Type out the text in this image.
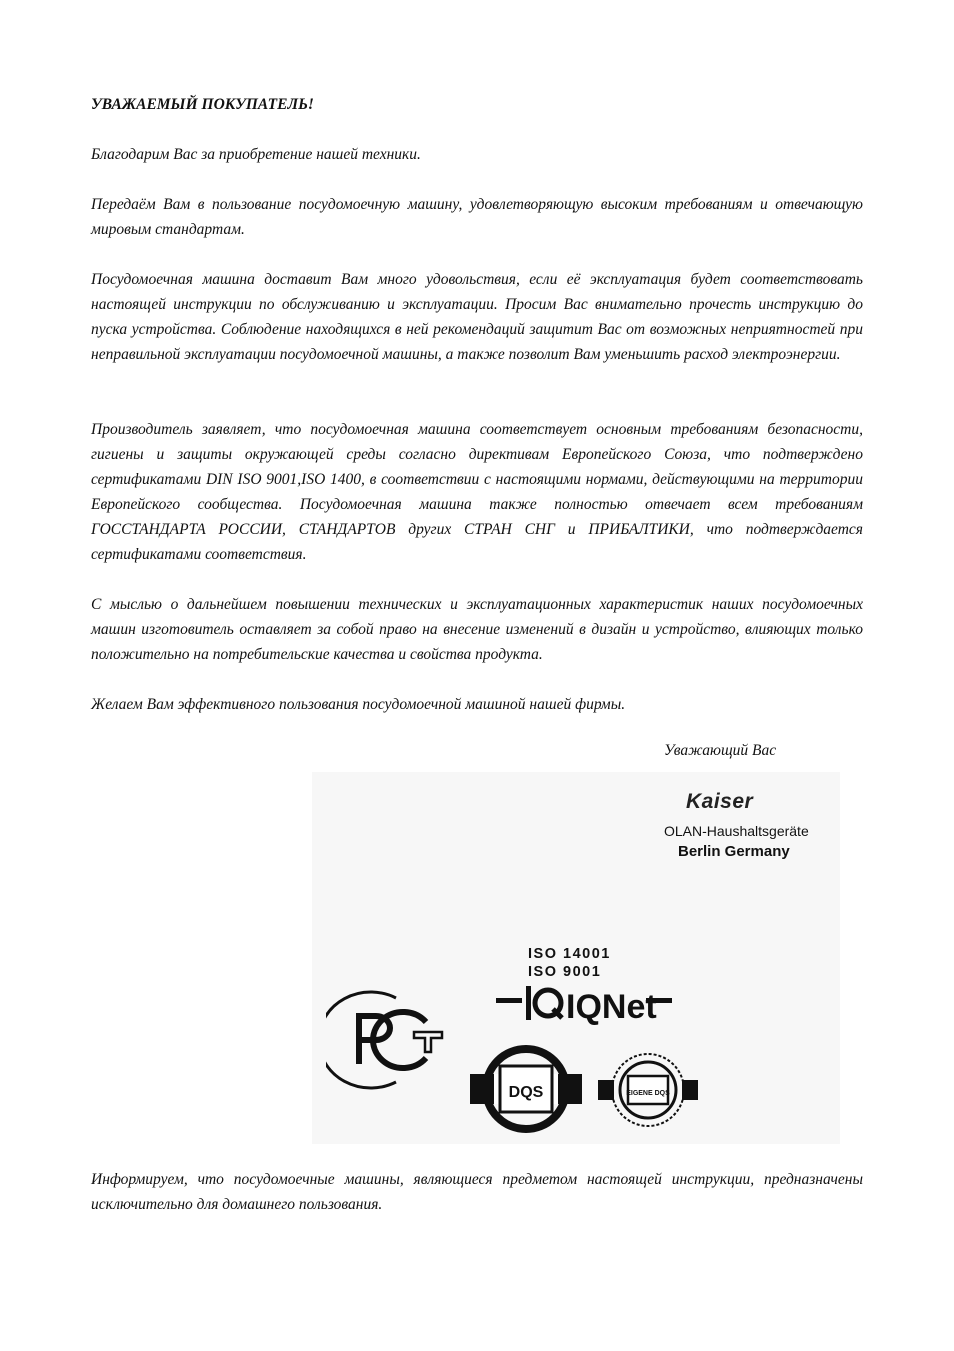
УВАЖАЕМЫЙ ПОКУПАТЕЛЬ!

Благодарим Вас за приобретение нашей техники.

Передаём Вам в пользование посудомоечную машину, удовлетворяющую высоким требованиям и отвечающую мировым стандартам.

Посудомоечная машина доставит Вам много удовольствия, если её эксплуатация будет соответствовать настоящей инструкции по обслуживанию и эксплуатации. Просим Вас внимательно прочесть инструкцию до пуска устройства. Соблюдение находящихся в ней рекомендаций защитит Вас от возможных неприятностей при неправильной эксплуатации посудомоечной машины, а также позволит Вам уменьшить расход электроэнергии.

Производитель заявляет, что посудомоечная машина соответствует основным требованиям безопасности, гигиены и защиты окружающей среды согласно директивам Европейского Союза, что подтверждено сертификатами DIN ISO 9001,ISO 1400, в соответствии с настоящими нормами, действующими на территории Европейского сообщества. Посудомоечная машина также полностью отвечает всем требованиям ГОССТАНДАРТА РОССИИ, СТАНДАРТОВ других СТРАН СНГ и ПРИБАЛТИКИ, что подтверждается сертификатами соответствия.

С мыслью о дальнейшем повышении технических и эксплуатационных характеристик наших посудомоечных машин изготовитель оставляет за собой право на внесение изменений в дизайн и устройство, влияющих только положительно на потребительские качества и свойства продукта.

Желаем Вам эффективного пользования посудомоечной машиной нашей фирмы.

Уважающий Вас
Kaiser
OLAN-Haushaltsgeräte
Berlin Germany
ISO 14001
ISO 9001
IQNet
РСТ
DQS	EIGENE DQS

Информируем, что посудомоечные машины, являющиеся предметом настоящей инструкции, предназначены исключительно для домашнего пользования.
